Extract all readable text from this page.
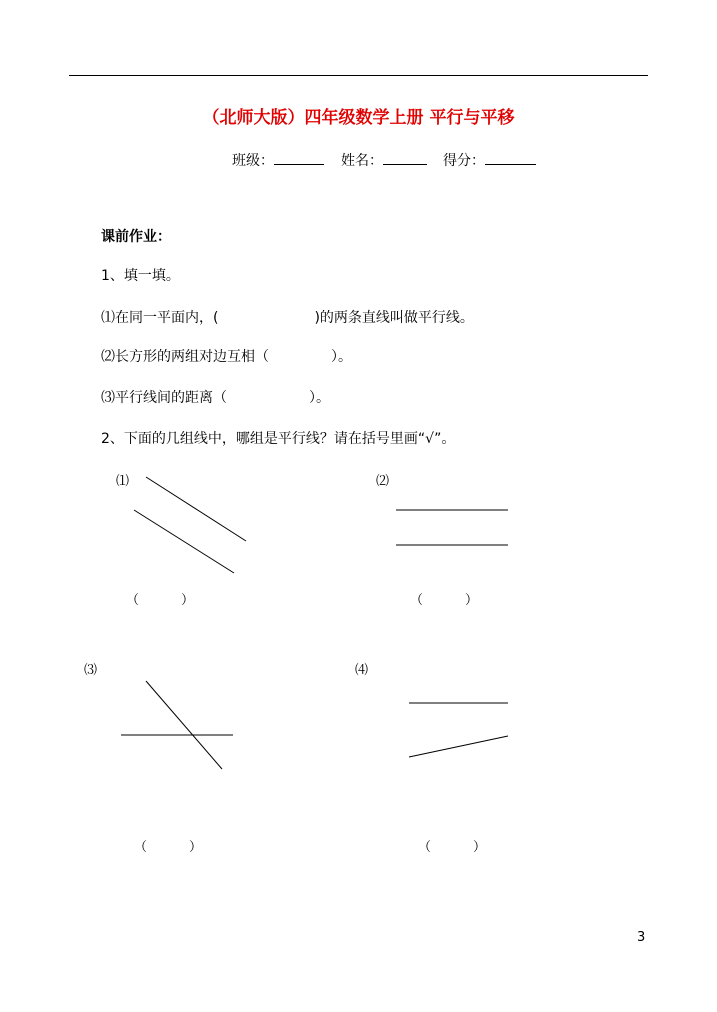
（北师大版）四年级数学上册 平行与平移
班级：	姓名：	得分：
课前作业：
1、填一填。
⑴在同一平面内，(	)的两条直线叫做平行线。
⑵长方形的两组对边互相（	）。
⑶平行线间的距离（	）。
2、下面的几组线中，哪组是平行线？请在括号里画“√”。
⑴
（	）
⑵
（	）
⑶
（	）
⑷
（	）
3
